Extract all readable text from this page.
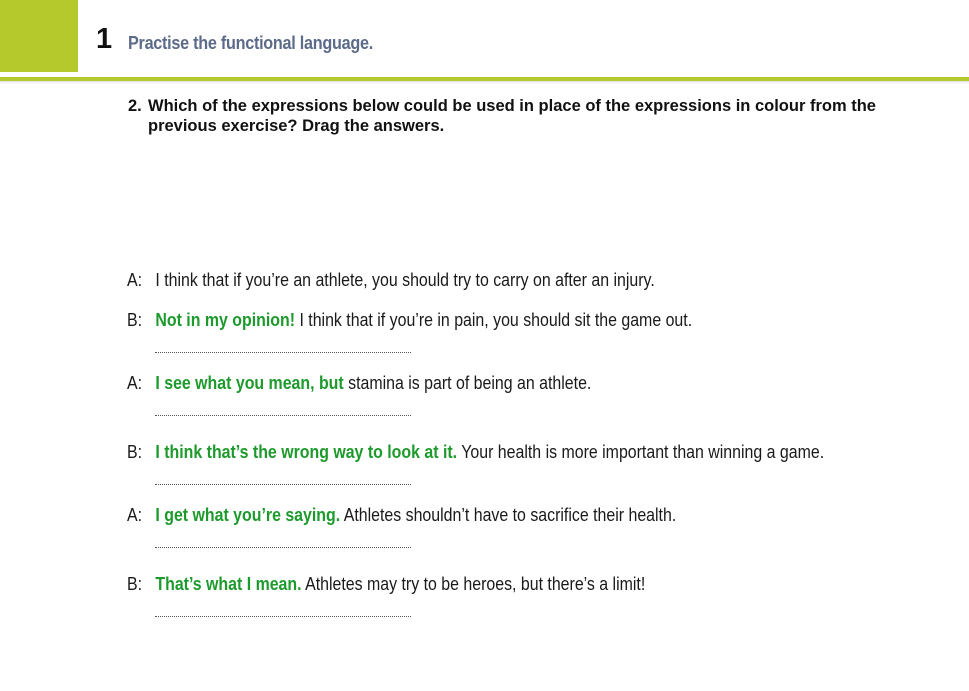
1 Practise the functional language.
2. Which of the expressions below could be used in place of the expressions in colour from the
previous exercise? Drag the answers.
A: I think that if you’re an athlete, you should try to carry on after an injury.
B: Not in my opinion! I think that if you’re in pain, you should sit the game out.
A: I see what you mean, but stamina is part of being an athlete.
B: I think that’s the wrong way to look at it. Your health is more important than winning a game.
A: I get what you’re saying. Athletes shouldn’t have to sacrifice their health.
B: That’s what I mean. Athletes may try to be heroes, but there’s a limit!
